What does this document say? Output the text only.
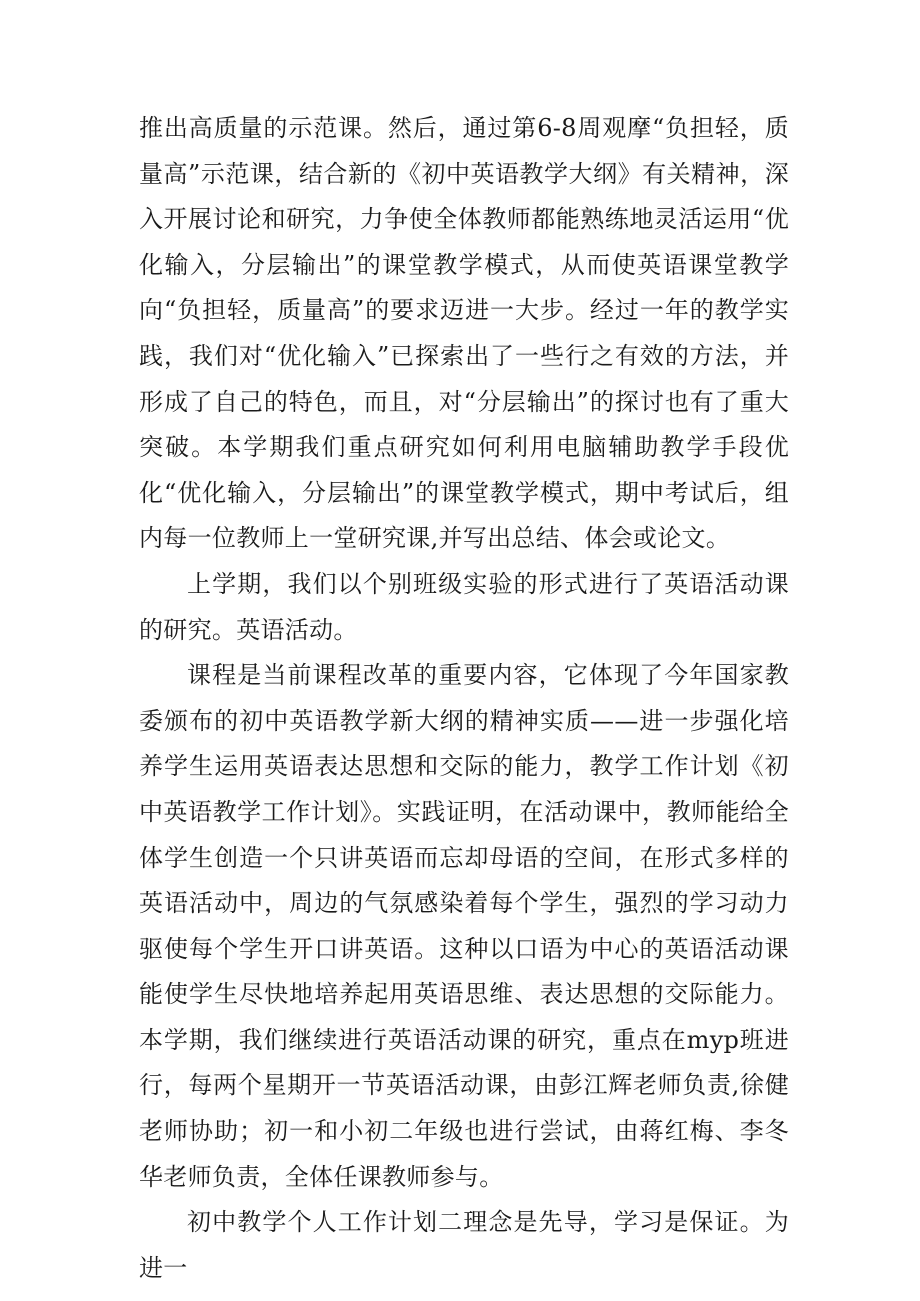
推出高质量的示范课。然后，通过第6-8周观摩“负担轻，质量高”示范课，结合新的《初中英语教学大纲》有关精神，深入开展讨论和研究，力争使全体教师都能熟练地灵活运用“优化输入，分层输出”的课堂教学模式，从而使英语课堂教学向“负担轻，质量高”的要求迈进一大步。经过一年的教学实践，我们对“优化输入”已探索出了一些行之有效的方法，并形成了自己的特色，而且，对“分层输出”的探讨也有了重大突破。本学期我们重点研究如何利用电脑辅助教学手段优化“优化输入，分层输出”的课堂教学模式，期中考试后，组内每一位教师上一堂研究课,并写出总结、体会或论文。

上学期，我们以个别班级实验的形式进行了英语活动课的研究。英语活动。

课程是当前课程改革的重要内容，它体现了今年国家教委颁布的初中英语教学新大纲的精神实质——进一步强化培养学生运用英语表达思想和交际的能力，教学工作计划《初中英语教学工作计划》。实践证明，在活动课中，教师能给全体学生创造一个只讲英语而忘却母语的空间，在形式多样的英语活动中，周边的气氛感染着每个学生，强烈的学习动力驱使每个学生开口讲英语。这种以口语为中心的英语活动课能使学生尽快地培养起用英语思维、表达思想的交际能力。本学期，我们继续进行英语活动课的研究，重点在myp班进行，每两个星期开一节英语活动课，由彭江辉老师负责,徐健老师协助；初一和小初二年级也进行尝试，由蒋红梅、李冬华老师负责，全体任课教师参与。

初中教学个人工作计划二理念是先导，学习是保证。为进一
